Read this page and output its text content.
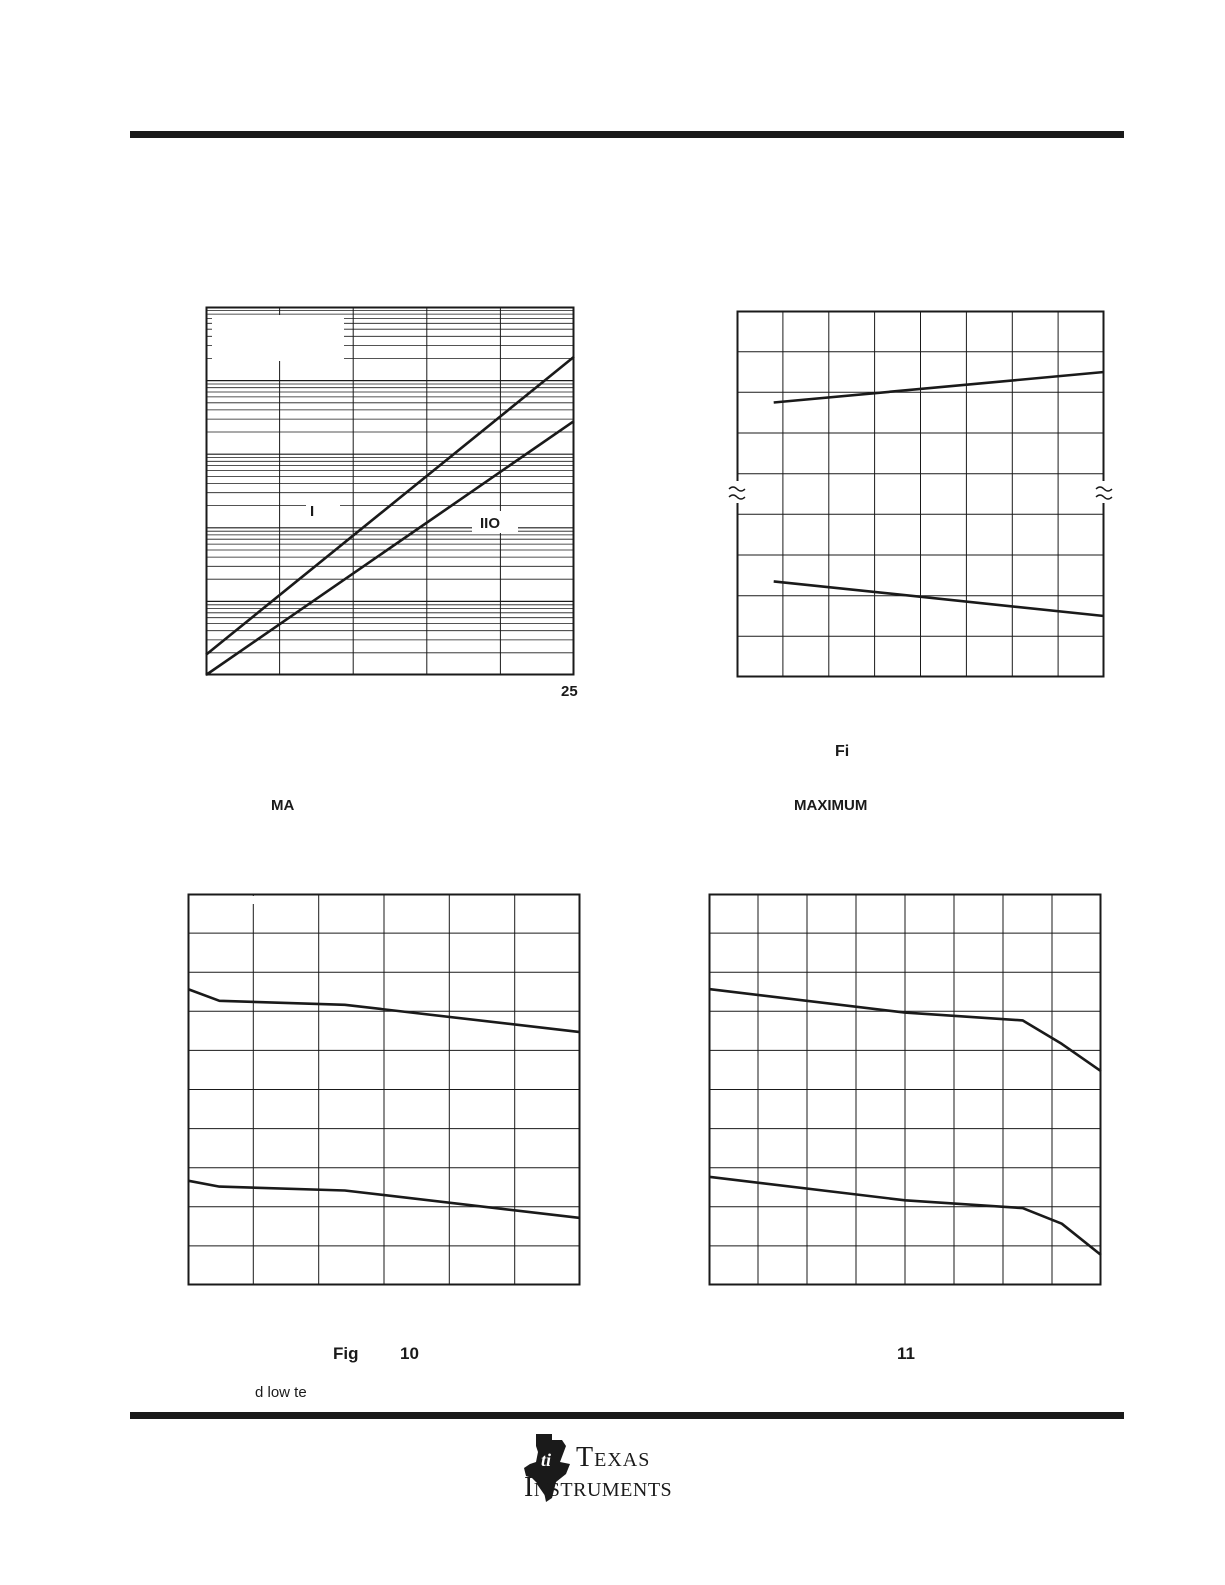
I
IIO
25
Fi
MA
Fig 10
d low te
MAXIMUM
11
ti Texas
Instruments
